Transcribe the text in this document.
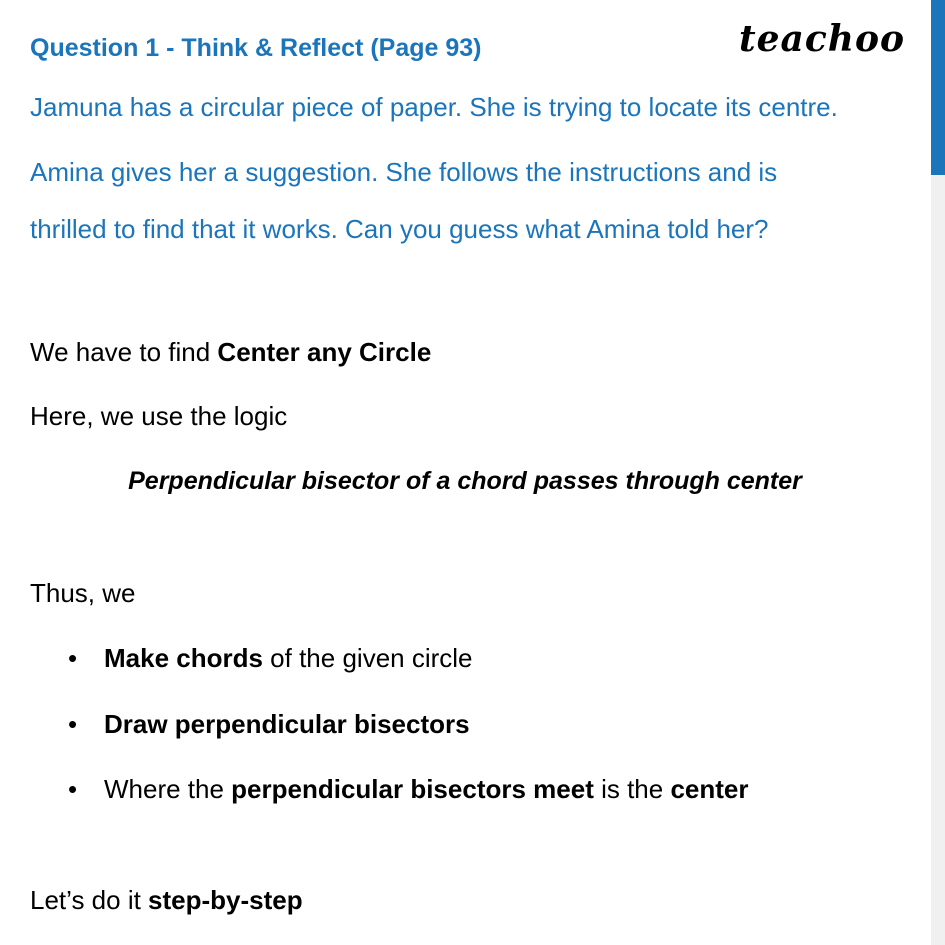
Question 1 - Think & Reflect (Page 93)	teachoo
Jamuna has a circular piece of paper. She is trying to locate its centre.
Amina gives her a suggestion. She follows the instructions and is
thrilled to find that it works. Can you guess what Amina told her?
We have to find Center any Circle
Here, we use the logic
Perpendicular bisector of a chord passes through center
Thus, we
• Make chords of the given circle
• Draw perpendicular bisectors
• Where the perpendicular bisectors meet is the center
Let’s do it step-by-step
